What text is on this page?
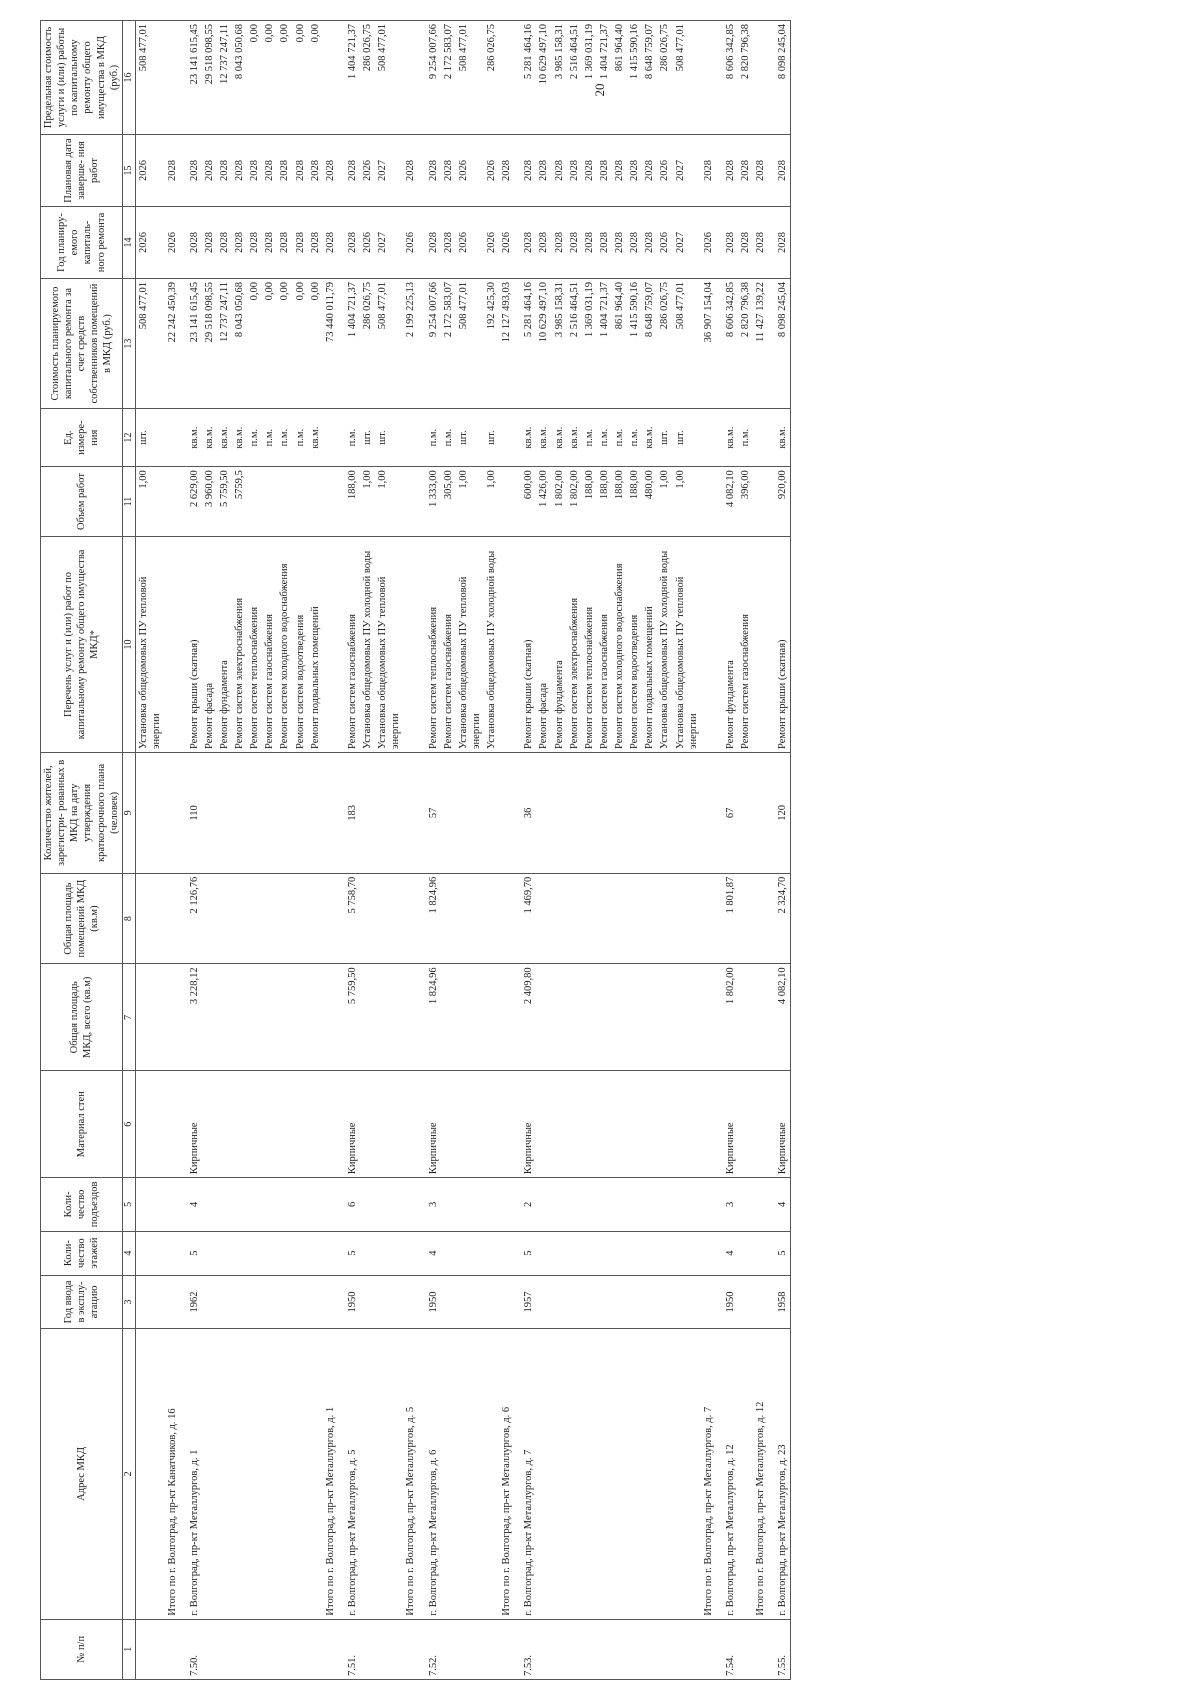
20
№ п/п	Адрес МКД	Год ввода в эксплу- атацию	Коли- чество этажей	Коли- чество подъездов	Материал стен	Общая площадь МКД, всего (кв.м)	Общая площадь помещений МКД (кв.м)	Количество жителей, зарегистри- рованных в МКД на дату утверждения краткосрочного плана (человек)	Перечень услуг и (или) работ по капитальному ремонту общего имущества МКД*	Объем работ	Ед. измере- ния	Стоимость планируемого капитального ремонта за счет средств собственников помещений в МКД (руб.)	Год планиру- емого капиталь- ного ремонта	Плановая дата заверше- ния работ	Предельная стоимость услуги и (или) работы по капитальному ремонту общего имущества в МКД (руб.)
1	2	3	4	5	6	7	8	9	10	11	12	13	14	15	16
									Установка общедомовых ПУ тепловой энергии	1,00	шт.	508 477,01	2026	2026	508 477,01
	Итого по г. Волгоград, пр-кт Канатчиков, д. 16											22 242 450,39	2026	2028	
7.50.	г. Волгоград, пр-кт Металлургов, д. 1	1962	5	4	Кирпичные	3 228,12	2 126,76	110	Ремонт крыши (скатная)	2 629,00	кв.м.	23 141 615,45	2028	2028	23 141 615,45
									Ремонт фасада	3 960,00	кв.м.	29 518 098,55	2028	2028	29 518 098,55
									Ремонт фундамента	5 759,50	кв.м.	12 737 247,11	2028	2028	12 737 247,11
									Ремонт систем электроснабжения	5759,5	кв.м.	8 043 050,68	2028	2028	8 043 050,68
									Ремонт систем теплоснабжения		п.м.	0,00	2028	2028	0,00
									Ремонт систем газоснабжения		п.м.	0,00	2028	2028	0,00
									Ремонт систем холодного водоснабжения		п.м.	0,00	2028	2028	0,00
									Ремонт систем водоотведения		п.м.	0,00	2028	2028	0,00
									Ремонт подвальных помещений		кв.м.	0,00	2028	2028	0,00
	Итого по г. Волгоград, пр-кт Металлургов, д. 1											73 440 011,79	2028	2028	
7.51.	г. Волгоград, пр-кт Металлургов, д. 5	1950	5	6	Кирпичные	5 759,50	5 758,70	183	Ремонт систем газоснабжения	188,00	п.м.	1 404 721,37	2028	2028	1 404 721,37
									Установка общедомовых ПУ холодной воды	1,00	шт.	286 026,75	2026	2026	286 026,75
									Установка общедомовых ПУ тепловой энергии	1,00	шт.	508 477,01	2027	2027	508 477,01
	Итого по г. Волгоград, пр-кт Металлургов, д. 5											2 199 225,13	2026	2028	
7.52.	г. Волгоград, пр-кт Металлургов, д. 6	1950	4	3	Кирпичные	1 824,96	1 824,96	57	Ремонт систем теплоснабжения	1 333,00	п.м.	9 254 007,66	2028	2028	9 254 007,66
									Ремонт систем газоснабжения	305,00	п.м.	2 172 583,07	2028	2028	2 172 583,07
									Установка общедомовых ПУ тепловой энергии	1,00	шт.	508 477,01	2026	2026	508 477,01
									Установка общедомовых ПУ холодной воды	1,00	шт.	192 425,30	2026	2026	286 026,75
	Итого по г. Волгоград, пр-кт Металлургов, д. 6											12 127 493,03	2026	2028	
7.53.	г. Волгоград, пр-кт Металлургов, д. 7	1957	5	2	Кирпичные	2 409,80	1 469,70	36	Ремонт крыши (скатная)	600,00	кв.м.	5 281 464,16	2028	2028	5 281 464,16
									Ремонт фасада	1 426,00	кв.м.	10 629 497,10	2028	2028	10 629 497,10
									Ремонт фундамента	1 802,00	кв.м.	3 985 158,31	2028	2028	3 985 158,31
									Ремонт систем электроснабжения	1 802,00	кв.м.	2 516 464,51	2028	2028	2 516 464,51
									Ремонт систем теплоснабжения	188,00	п.м.	1 369 031,19	2028	2028	1 369 031,19
									Ремонт систем газоснабжения	188,00	п.м.	1 404 721,37	2028	2028	1 404 721,37
									Ремонт систем холодного водоснабжения	188,00	п.м.	861 964,40	2028	2028	861 964,40
									Ремонт систем водоотведения	188,00	п.м.	1 415 590,16	2028	2028	1 415 590,16
									Ремонт подвальных помещений	480,00	кв.м.	8 648 759,07	2028	2028	8 648 759,07
									Установка общедомовых ПУ холодной воды	1,00	шт.	286 026,75	2026	2026	286 026,75
									Установка общедомовых ПУ тепловой энергии	1,00	шт.	508 477,01	2027	2027	508 477,01
	Итого по г. Волгоград, пр-кт Металлургов, д. 7											36 907 154,04	2026	2028	
7.54.	г. Волгоград, пр-кт Металлургов, д. 12	1950	4	3	Кирпичные	1 802,00	1 801,87	67	Ремонт фундамента	4 082,10	кв.м.	8 606 342,85	2028	2028	8 606 342,85
									Ремонт систем газоснабжения	396,00	п.м.	2 820 796,38	2028	2028	2 820 796,38
	Итого по г. Волгоград, пр-кт Металлургов, д. 12											11 427 139,22	2028	2028	
7.55.	г. Волгоград, пр-кт Металлургов, д. 23	1958	5	4	Кирпичные	4 082,10	2 324,70	120	Ремонт крыши (скатная)	920,00	кв.м.	8 098 245,04	2028	2028	8 098 245,04
